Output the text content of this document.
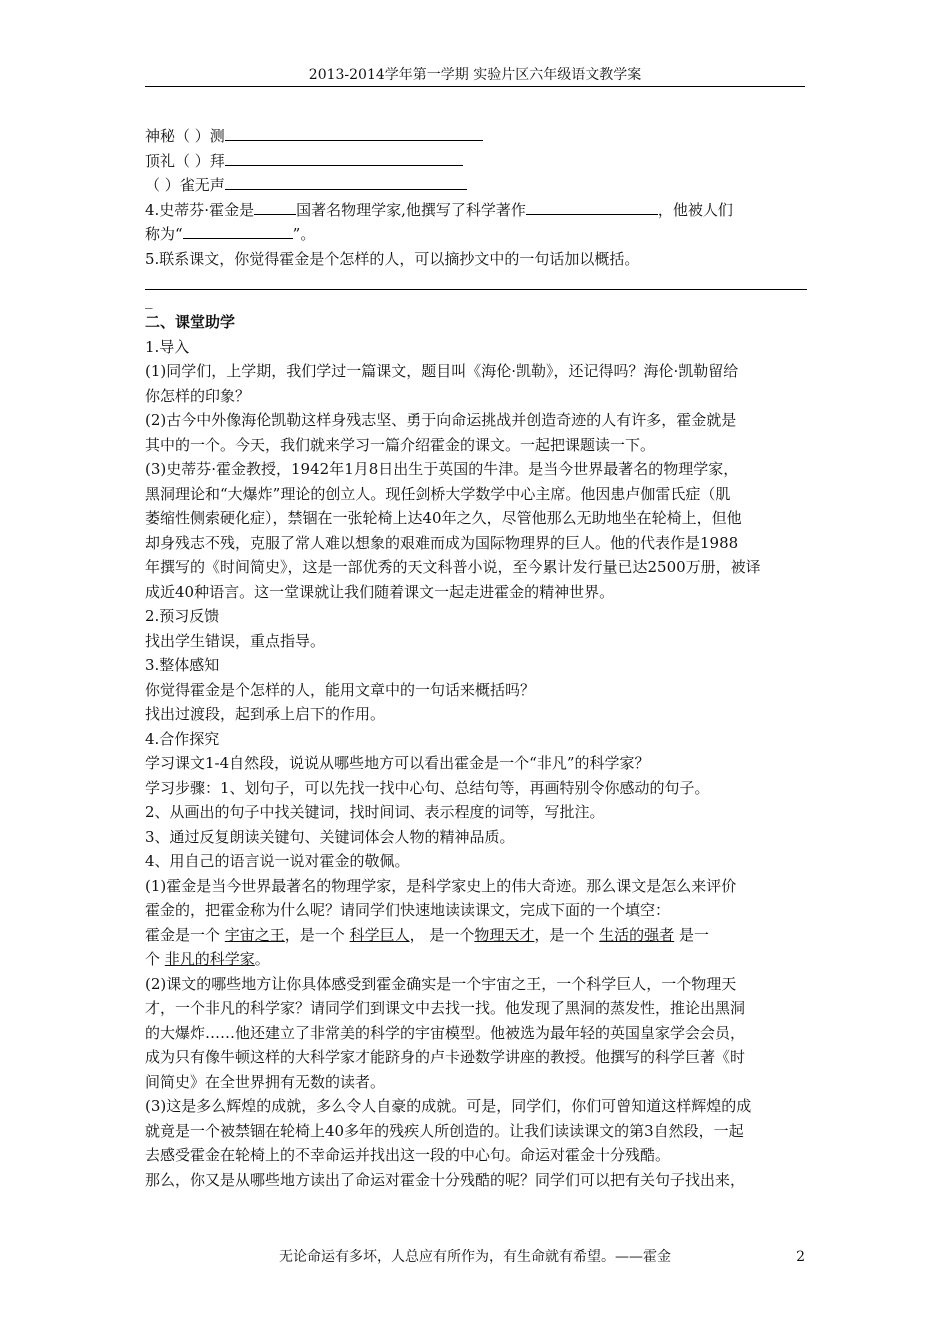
2013-2014学年第一学期 实验片区六年级语文教学案
神秘（ ）测
顶礼（ ）拜
（ ）雀无声
4.史蒂芬·霍金是	国著名物理学家,他撰写了科学著作	，他被人们
称为“	”。
5.联系课文，你觉得霍金是个怎样的人，可以摘抄文中的一句话加以概括。
_
二、课堂助学
1.导入
(1)同学们，上学期，我们学过一篇课文，题目叫《海伦·凯勒》，还记得吗？海伦·凯勒留给
你怎样的印象？
(2)古今中外像海伦凯勒这样身残志坚、勇于向命运挑战并创造奇迹的人有许多，霍金就是
其中的一个。今天，我们就来学习一篇介绍霍金的课文。一起把课题读一下。
(3)史蒂芬·霍金教授，1942年1月8日出生于英国的牛津。是当今世界最著名的物理学家，
黑洞理论和“大爆炸”理论的创立人。现任剑桥大学数学中心主席。他因患卢伽雷氏症（肌
萎缩性侧索硬化症），禁锢在一张轮椅上达40年之久，尽管他那么无助地坐在轮椅上，但他
却身残志不残，克服了常人难以想象的艰难而成为国际物理界的巨人。他的代表作是1988
年撰写的《时间简史》，这是一部优秀的天文科普小说，至今累计发行量已达2500万册，被译
成近40种语言。这一堂课就让我们随着课文一起走进霍金的精神世界。
2.预习反馈
找出学生错误，重点指导。
3.整体感知
你觉得霍金是个怎样的人，能用文章中的一句话来概括吗？
找出过渡段，起到承上启下的作用。
4.合作探究
学习课文1-4自然段，说说从哪些地方可以看出霍金是一个“非凡”的科学家？
学习步骤：1、划句子，可以先找一找中心句、总结句等，再画特别令你感动的句子。
2、从画出的句子中找关键词，找时间词、表示程度的词等，写批注。
3、通过反复朗读关键句、关键词体会人物的精神品质。
4、用自己的语言说一说对霍金的敬佩。
(1)霍金是当今世界最著名的物理学家，是科学家史上的伟大奇迹。那么课文是怎么来评价
霍金的，把霍金称为什么呢？请同学们快速地读读课文，完成下面的一个填空：
霍金是一个 宇宙之王，是一个 科学巨人， 是一个物理天才，是一个 生活的强者 是一
个 非凡的科学家。
(2)课文的哪些地方让你具体感受到霍金确实是一个宇宙之王，一个科学巨人，一个物理天
才，一个非凡的科学家？请同学们到课文中去找一找。他发现了黑洞的蒸发性，推论出黑洞
的大爆炸……他还建立了非常美的科学的宇宙模型。他被选为最年轻的英国皇家学会会员，
成为只有像牛顿这样的大科学家才能跻身的卢卡逊数学讲座的教授。他撰写的科学巨著《时
间简史》在全世界拥有无数的读者。
(3)这是多么辉煌的成就，多么令人自豪的成就。可是，同学们，你们可曾知道这样辉煌的成
就竟是一个被禁锢在轮椅上40多年的残疾人所创造的。让我们读读课文的第3自然段，一起
去感受霍金在轮椅上的不幸命运并找出这一段的中心句。命运对霍金十分残酷。
那么，你又是从哪些地方读出了命运对霍金十分残酷的呢？同学们可以把有关句子找出来，
无论命运有多坏，人总应有所作为，有生命就有希望。——霍金	2
